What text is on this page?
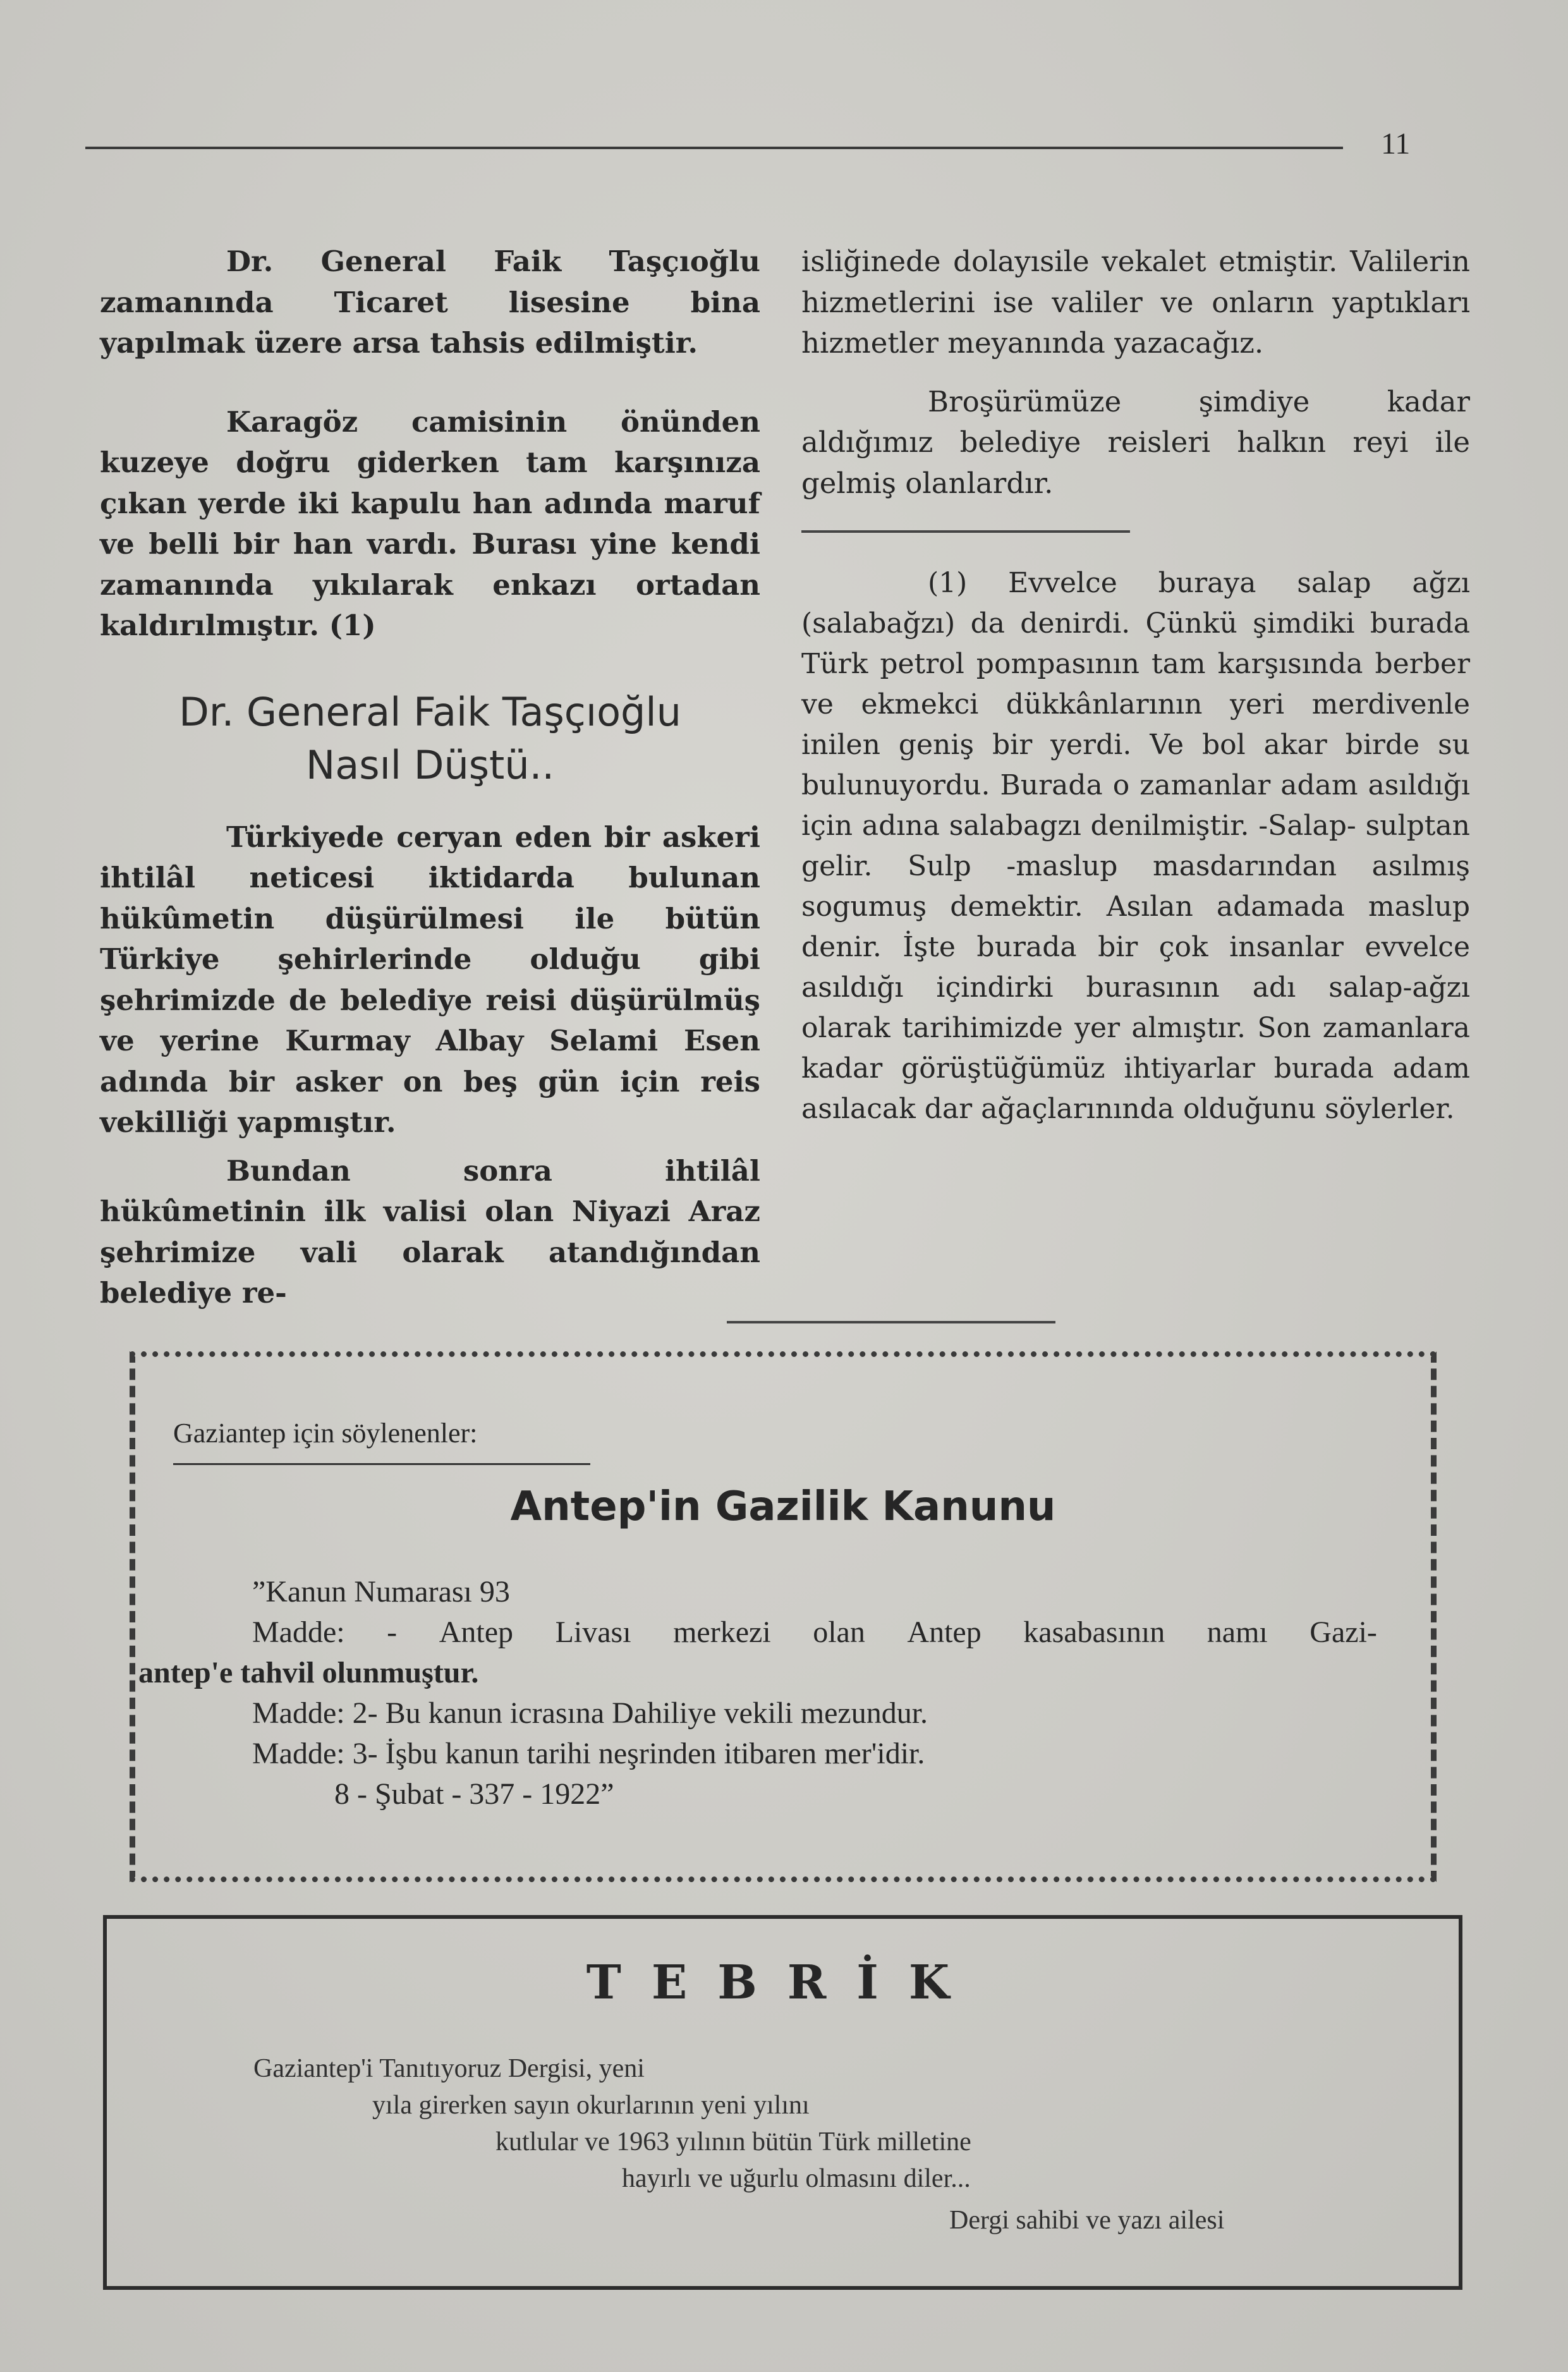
11

Dr. General Faik Taşçıoğlu zamanında Ticaret lisesine bina yapılmak üzere arsa tahsis edilmiştir.

Karagöz camisinin önünden kuzeye doğru giderken tam karşınıza çıkan yerde iki kapulu han adında maruf ve belli bir han vardı. Burası yine kendi zamanında yıkılarak enkazı ortadan kaldırılmıştır. (1)

Dr. General Faik Taşçıoğlu
Nasıl Düştü..

Türkiyede ceryan eden bir askeri ihtilâl neticesi iktidarda bulunan hükûmetin düşürülmesi ile bütün Türkiye şehirlerinde olduğu gibi şehrimizde de belediye reisi düşürülmüş ve yerine Kurmay Albay Selami Esen adında bir asker on beş gün için reis vekilliği yapmıştır.

Bundan sonra ihtilâl hükûmetinin ilk valisi olan Niyazi Araz şehrimize vali olarak atandığından belediye re-

isliğinede dolayısile vekalet etmiştir. Valilerin hizmetlerini ise valiler ve onların yaptıkları hizmetler meyanında yazacağız.

Broşürümüze şimdiye kadar aldığımız belediye reisleri halkın reyi ile gelmiş olanlardır.

(1) Evvelce buraya salap ağzı (salabağzı) da denirdi. Çünkü şimdiki burada Türk petrol pompasının tam karşısında berber ve ekmekci dükkânlarının yeri merdivenle inilen geniş bir yerdi. Ve bol akar birde su bulunuyordu. Burada o zamanlar adam asıldığı için adına salabagzı denilmiştir. -Salap- sulptan gelir. Sulp -maslup masdarından asılmış sogumuş demektir. Asılan adamada maslup denir. İşte burada bir çok insanlar evvelce asıldığı içindirki burasının adı salap-ağzı olarak tarihimizde yer almıştır. Son zamanlara kadar görüştüğümüz ihtiyarlar burada adam asılacak dar ağaçlarınında olduğunu söylerler.

Gaziantep için söylenenler:
Antep'in Gazilik Kanunu
”Kanun Numarası 93
Madde: - Antep Livası merkezi olan Antep kasabasının namı Gazi-
antep'e tahvil olunmuştur.
Madde: 2- Bu kanun icrasına Dahiliye vekili mezundur.
Madde: 3- İşbu kanun tarihi neşrinden itibaren mer'idir.
8 - Şubat - 337 - 1922”
TEBRİK
Gaziantep'i Tanıtıyoruz Dergisi, yeni
yıla girerken sayın okurlarının yeni yılını
kutlular ve 1963 yılının bütün Türk milletine
hayırlı ve uğurlu olmasını diler...
Dergi sahibi ve yazı ailesi
